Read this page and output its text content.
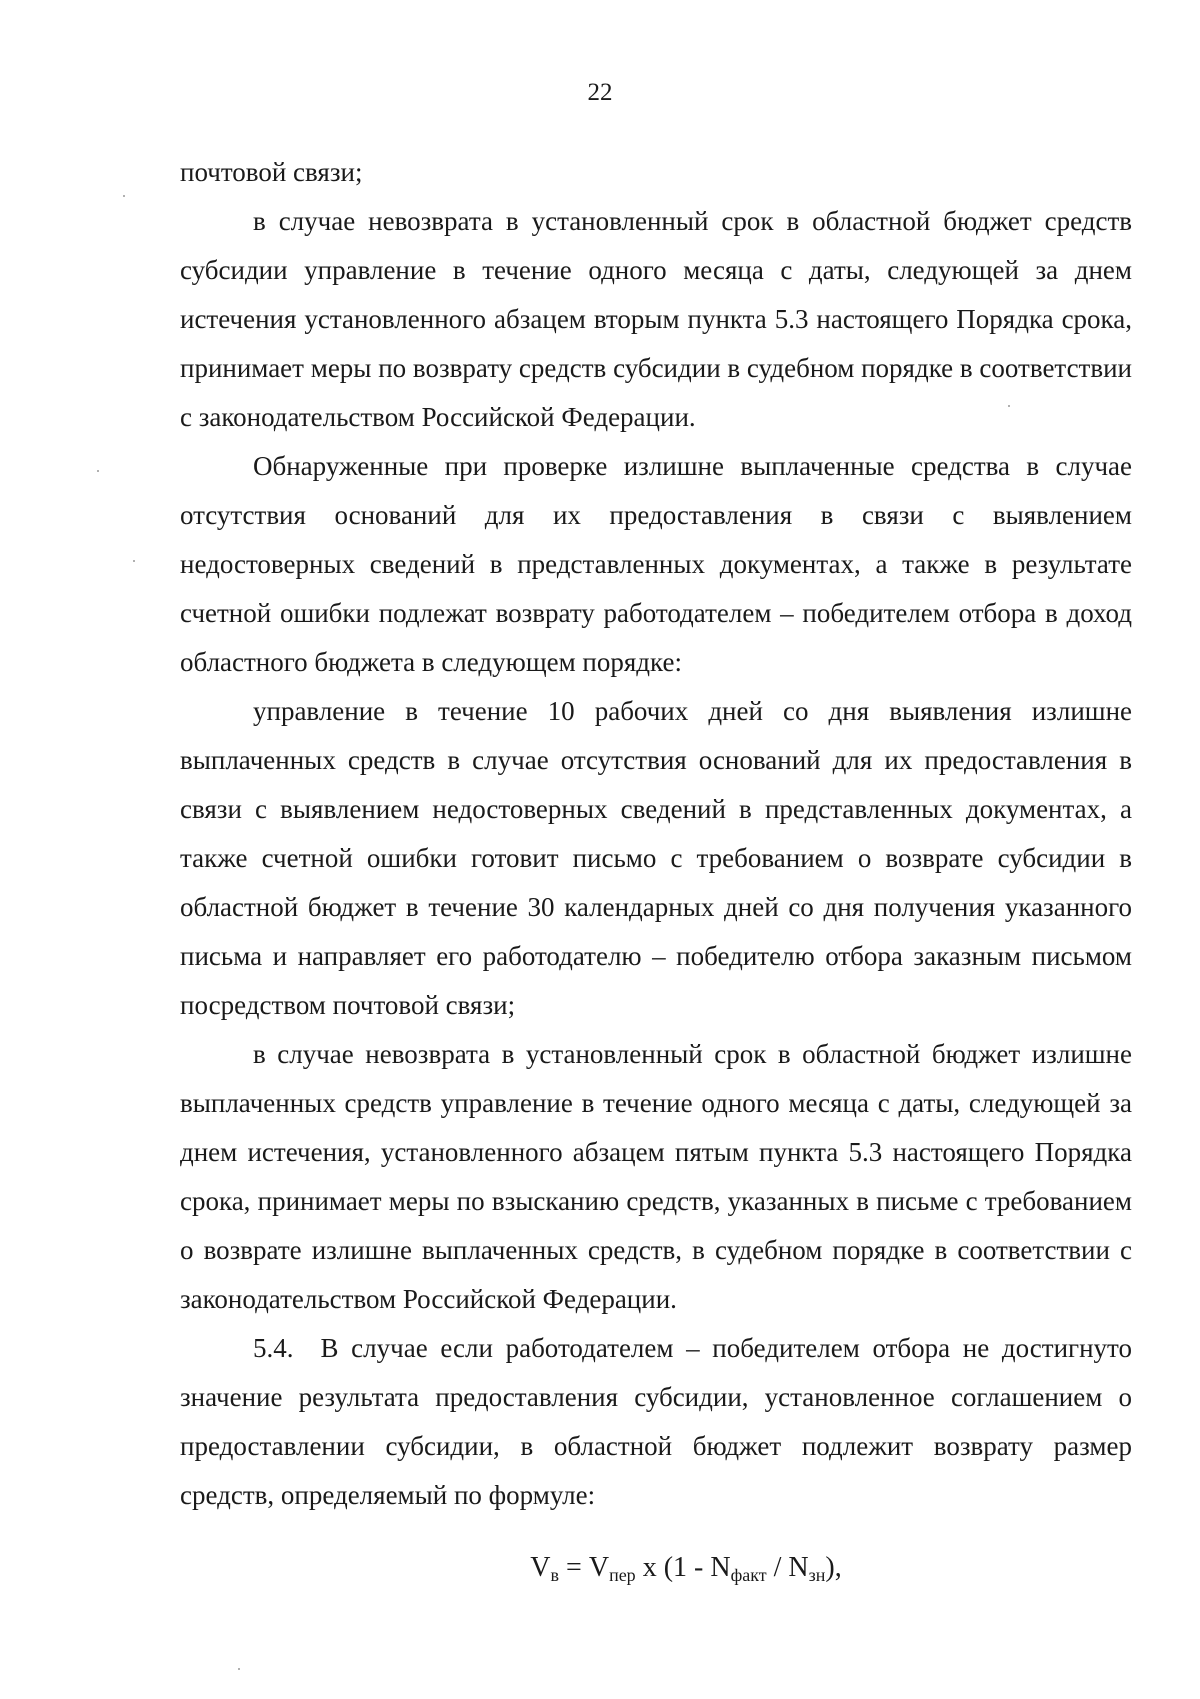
22

почтовой связи;

в случае невозврата в установленный срок в областной бюджет средств субсидии управление в течение одного месяца с даты, следующей за днем истечения установленного абзацем вторым пункта 5.3 настоящего Порядка срока, принимает меры по возврату средств субсидии в судебном порядке в соответствии с законодательством Российской Федерации.

Обнаруженные при проверке излишне выплаченные средства в случае отсутствия оснований для их предоставления в связи с выявлением недостоверных сведений в представленных документах, а также в результате счетной ошибки подлежат возврату работодателем – победителем отбора в доход областного бюджета в следующем порядке:

управление в течение 10 рабочих дней со дня выявления излишне выплаченных средств в случае отсутствия оснований для их предоставления в связи с выявлением недостоверных сведений в представленных документах, а также счетной ошибки готовит письмо с требованием о возврате субсидии в областной бюджет в течение 30 календарных дней со дня получения указанного письма и направляет его работодателю – победителю отбора заказным письмом посредством почтовой связи;

в случае невозврата в установленный срок в областной бюджет излишне выплаченных средств управление в течение одного месяца с даты, следующей за днем истечения, установленного абзацем пятым пункта 5.3 настоящего Порядка срока, принимает меры по взысканию средств, указанных в письме с требованием о возврате излишне выплаченных средств, в судебном порядке в соответствии с законодательством Российской Федерации.

5.4. В случае если работодателем – победителем отбора не достигнуто значение результата предоставления субсидии, установленное соглашением о предоставлении субсидии, в областной бюджет подлежит возврату размер средств, определяемый по формуле:

$V_в = V_{пер}$ х $(1 - N_{факт} / N_{зн})$,
